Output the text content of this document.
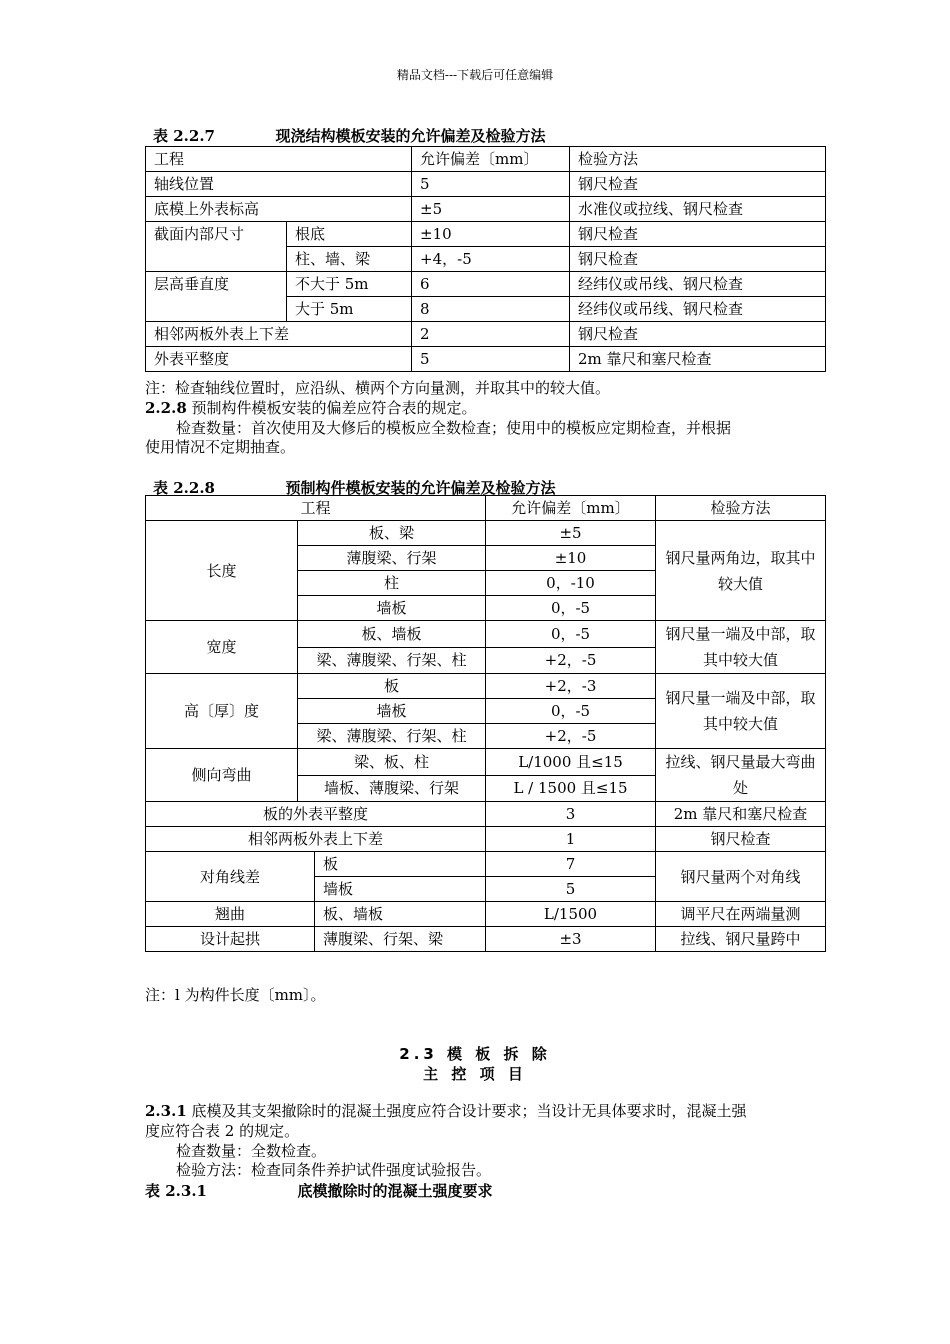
精品文档---下载后可任意编辑
表 2.2.7	现浇结构模板安装的允许偏差及检验方法
工程		允许偏差〔mm〕	检验方法
轴线位置		5	钢尺检查
底模上外表标高		±5	水准仪或拉线、钢尺检查
截面内部尺寸	根底	±10	钢尺检查
	柱、墙、梁	+4，-5	钢尺检查
层高垂直度	不大于 5m	6	经纬仪或吊线、钢尺检查
	大于 5m	8	经纬仪或吊线、钢尺检查
相邻两板外表上下差		2	钢尺检查
外表平整度		5	2m 靠尺和塞尺检查
注：检查轴线位置时，应沿纵、横两个方向量测，并取其中的较大值。
2.2.8 预制构件模板安装的偏差应符合表的规定。
检查数量：首次使用及大修后的模板应全数检查；使用中的模板应定期检查，并根据
使用情况不定期抽查。
表 2.2.8	预制构件模板安装的允许偏差及检验方法
工程			允许偏差〔mm〕	检验方法
长度	板、梁		±5	钢尺量两角边，取其中较大值
	薄腹梁、行架		±10	
	柱		0，-10	
	墙板		0，-5	
宽度	板、墙板		0，-5	钢尺量一端及中部，取其中较大值
	梁、薄腹梁、行架、柱		+2，-5	
高〔厚〕度	板		+2，-3	钢尺量一端及中部，取其中较大值
	墙板		0，-5	
	梁、薄腹梁、行架、柱		+2，-5	
侧向弯曲	梁、板、柱		L/1000 且≤15	拉线、钢尺量最大弯曲处
	墙板、薄腹梁、行架		L / 1500 且≤15	
板的外表平整度			3	2m 靠尺和塞尺检查
相邻两板外表上下差			1	钢尺检查
对角线差		板	7	钢尺量两个对角线
		墙板	5	
翘曲		板、墙板	L/1500	调平尺在两端量测
设计起拱		薄腹梁、行架、梁	±3	拉线、钢尺量跨中
注：l 为构件长度〔mm〕。
2.3 模 板 拆 除
主 控 项 目
2.3.1 底模及其支架撤除时的混凝土强度应符合设计要求；当设计无具体要求时，混凝土强
度应符合表 2 的规定。
检查数量：全数检查。
检验方法：检查同条件养护试件强度试验报告。
表 2.3.1	底模撤除时的混凝土强度要求
